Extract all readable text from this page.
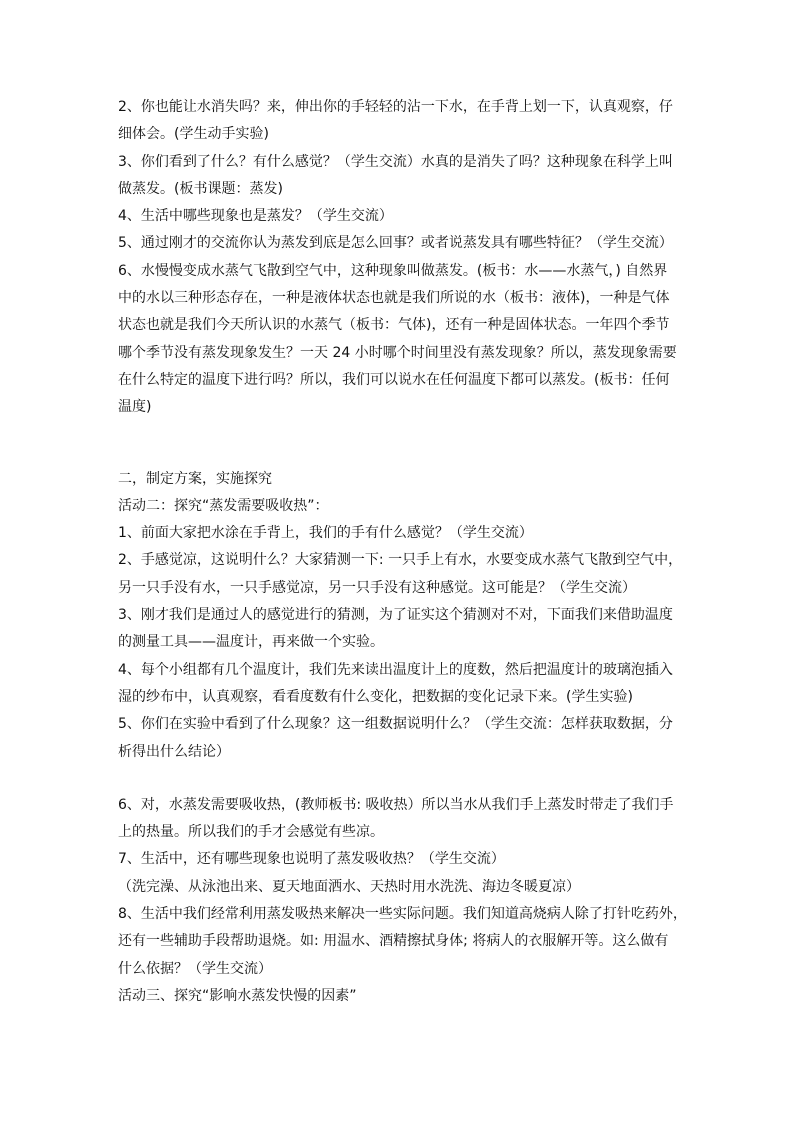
2、你也能让水消失吗？来，伸出你的手轻轻的沾一下水，在手背上划一下，认真观察，仔
细体会。(学生动手实验)
3、你们看到了什么？有什么感觉？（学生交流）水真的是消失了吗？这种现象在科学上叫
做蒸发。(板书课题：蒸发)
4、生活中哪些现象也是蒸发？（学生交流）
5、通过刚才的交流你认为蒸发到底是怎么回事？或者说蒸发具有哪些特征？（学生交流）
6、水慢慢变成水蒸气飞散到空气中，这种现象叫做蒸发。(板书：水——水蒸气，) 自然界
中的水以三种形态存在，一种是液体状态也就是我们所说的水（板书：液体)，一种是气体
状态也就是我们今天所认识的水蒸气（板书：气体)，还有一种是固体状态。一年四个季节
哪个季节没有蒸发现象发生？一天 24 小时哪个时间里没有蒸发现象？所以，蒸发现象需要
在什么特定的温度下进行吗？所以，我们可以说水在任何温度下都可以蒸发。(板书：任何
温度)
二，制定方案，实施探究
活动二：探究“蒸发需要吸收热”：
1、前面大家把水涂在手背上，我们的手有什么感觉？（学生交流）
2、手感觉凉，这说明什么？大家猜测一下: 一只手上有水，水要变成水蒸气飞散到空气中，
另一只手没有水，一只手感觉凉，另一只手没有这种感觉。这可能是？（学生交流）
3、刚才我们是通过人的感觉进行的猜测，为了证实这个猜测对不对，下面我们来借助温度
的测量工具——温度计，再来做一个实验。
4、每个小组都有几个温度计，我们先来读出温度计上的度数，然后把温度计的玻璃泡插入
湿的纱布中，认真观察，看看度数有什么变化，把数据的变化记录下来。(学生实验)
5、你们在实验中看到了什么现象？这一组数据说明什么？（学生交流：怎样获取数据，分
析得出什么结论）
6、对，水蒸发需要吸收热，(教师板书: 吸收热）所以当水从我们手上蒸发时带走了我们手
上的热量。所以我们的手才会感觉有些凉。
7、生活中，还有哪些现象也说明了蒸发吸收热？（学生交流）
（洗完澡、从泳池出来、夏天地面洒水、天热时用水洗洗、海边冬暖夏凉）
8、生活中我们经常利用蒸发吸热来解决一些实际问题。我们知道高烧病人除了打针吃药外，
还有一些辅助手段帮助退烧。如: 用温水、酒精擦拭身体; 将病人的衣服解开等。这么做有
什么依据？（学生交流）
活动三、探究“影响水蒸发快慢的因素”
